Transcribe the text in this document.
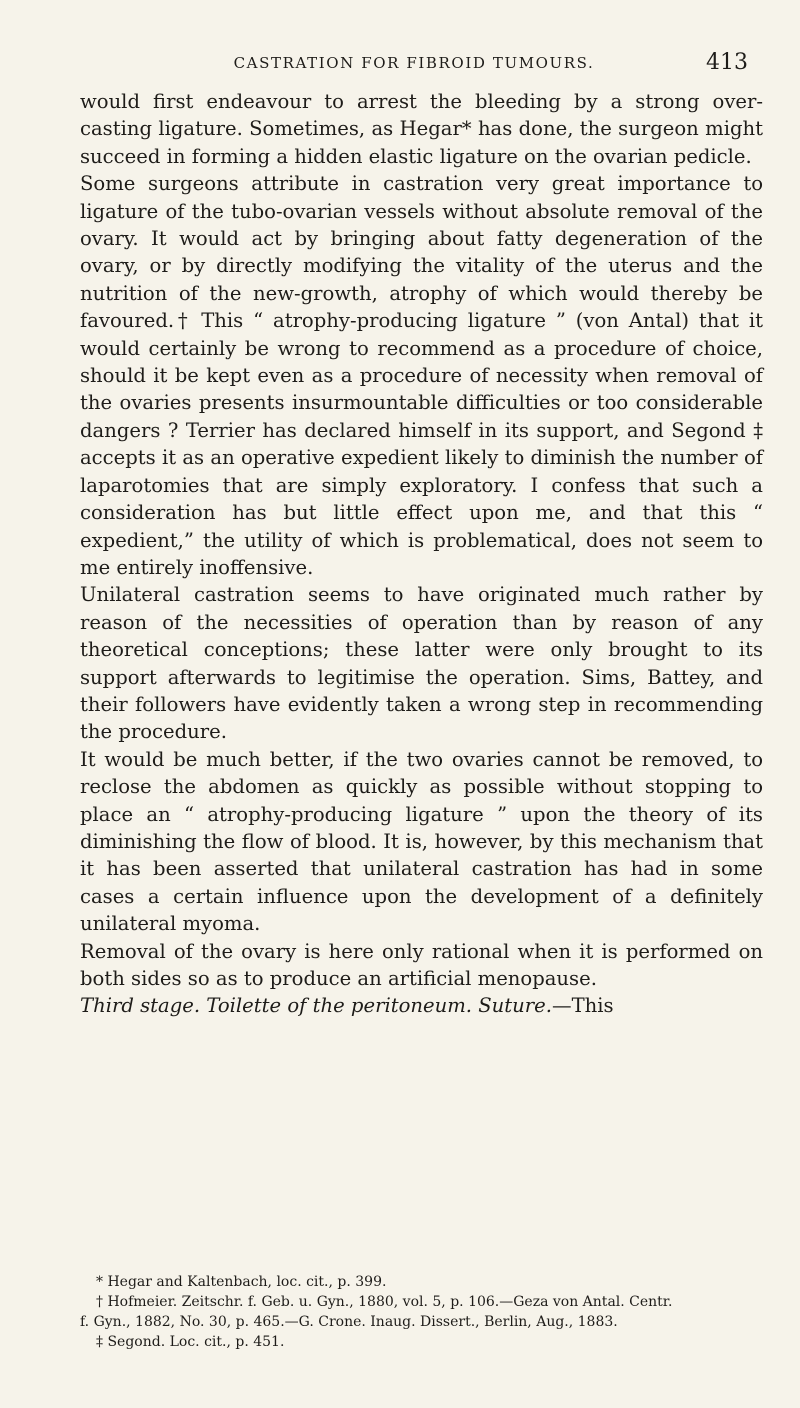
CASTRATION FOR FIBROID TUMOURS.	413

would first endeavour to arrest the bleeding by a strong over-casting ligature. Sometimes, as Hegar* has done, the surgeon might succeed in forming a hidden elastic ligature on the ovarian pedicle.

Some surgeons attribute in castration very great importance to ligature of the tubo-ovarian vessels without absolute removal of the ovary. It would act by bringing about fatty degeneration of the ovary, or by directly modifying the vitality of the uterus and the nutrition of the new-growth, atrophy of which would thereby be favoured.† This “ atrophy-producing ligature ” (von Antal) that it would certainly be wrong to recommend as a procedure of choice, should it be kept even as a procedure of necessity when removal of the ovaries presents insurmountable difficulties or too considerable dangers ? Terrier has declared himself in its support, and Segond ‡ accepts it as an operative expedient likely to diminish the number of laparotomies that are simply exploratory. I confess that such a consideration has but little effect upon me, and that this “ expedient,” the utility of which is problematical, does not seem to me entirely inoffensive.

Unilateral castration seems to have originated much rather by reason of the necessities of operation than by reason of any theoretical conceptions; these latter were only brought to its support afterwards to legitimise the operation. Sims, Battey, and their followers have evidently taken a wrong step in recommending the procedure.

It would be much better, if the two ovaries cannot be removed, to reclose the abdomen as quickly as possible without stopping to place an “ atrophy-producing ligature ” upon the theory of its diminishing the flow of blood. It is, however, by this mechanism that it has been asserted that unilateral castration has had in some cases a certain influence upon the development of a definitely unilateral myoma.

Removal of the ovary is here only rational when it is performed on both sides so as to produce an artificial menopause.

Third stage. Toilette of the peritoneum. Suture.—This

* Hegar and Kaltenbach, loc. cit., p. 399.

† Hofmeier. Zeitschr. f. Geb. u. Gyn., 1880, vol. 5, p. 106.—Geza von Antal. Centr.

f. Gyn., 1882, No. 30, p. 465.—G. Crone. Inaug. Dissert., Berlin, Aug., 1883.

‡ Segond. Loc. cit., p. 451.
